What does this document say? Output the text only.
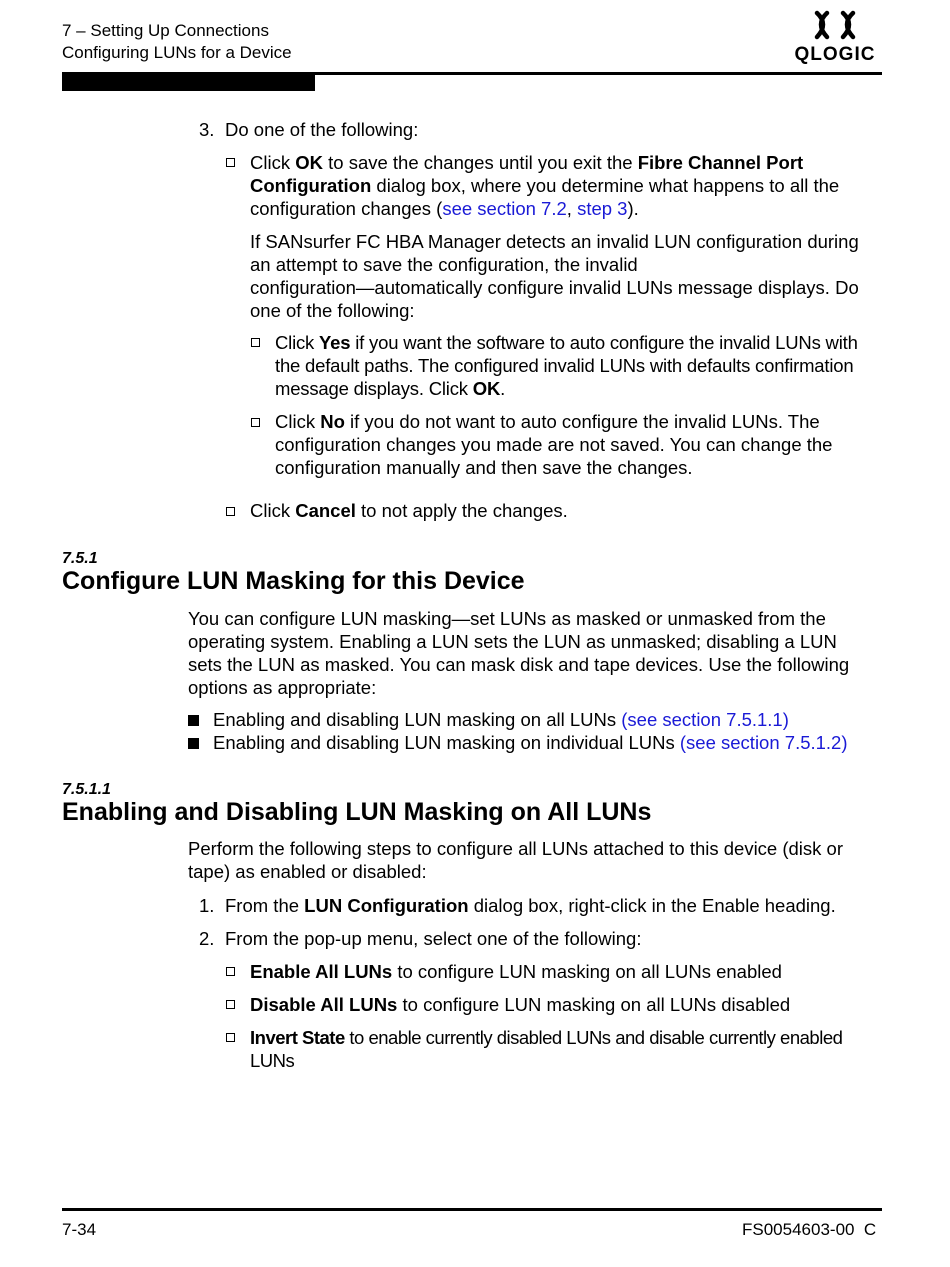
7 – Setting Up Connections
Configuring LUNs for a Device	QLOGIC
3. Do one of the following:
Click OK to save the changes until you exit the Fibre Channel Port
Configuration dialog box, where you determine what happens to all the
configuration changes (see section 7.2, step 3).
If SANsurfer FC HBA Manager detects an invalid LUN configuration during
an attempt to save the configuration, the invalid
configuration—automatically configure invalid LUNs message displays. Do
one of the following:
Click Yes if you want the software to auto configure the invalid LUNs with
the default paths. The configured invalid LUNs with defaults confirmation
message displays. Click OK.
Click No if you do not want to auto configure the invalid LUNs. The
configuration changes you made are not saved. You can change the
configuration manually and then save the changes.
Click Cancel to not apply the changes.
7.5.1
Configure LUN Masking for this Device
You can configure LUN masking—set LUNs as masked or unmasked from the
operating system. Enabling a LUN sets the LUN as unmasked; disabling a LUN
sets the LUN as masked. You can mask disk and tape devices. Use the following
options as appropriate:
Enabling and disabling LUN masking on all LUNs (see section 7.5.1.1)
Enabling and disabling LUN masking on individual LUNs (see section 7.5.1.2)
7.5.1.1
Enabling and Disabling LUN Masking on All LUNs
Perform the following steps to configure all LUNs attached to this device (disk or
tape) as enabled or disabled:
1. From the LUN Configuration dialog box, right-click in the Enable heading.
2. From the pop-up menu, select one of the following:
Enable All LUNs to configure LUN masking on all LUNs enabled
Disable All LUNs to configure LUN masking on all LUNs disabled
Invert State to enable currently disabled LUNs and disable currently enabled
LUNs
7-34	FS0054603-00  C
